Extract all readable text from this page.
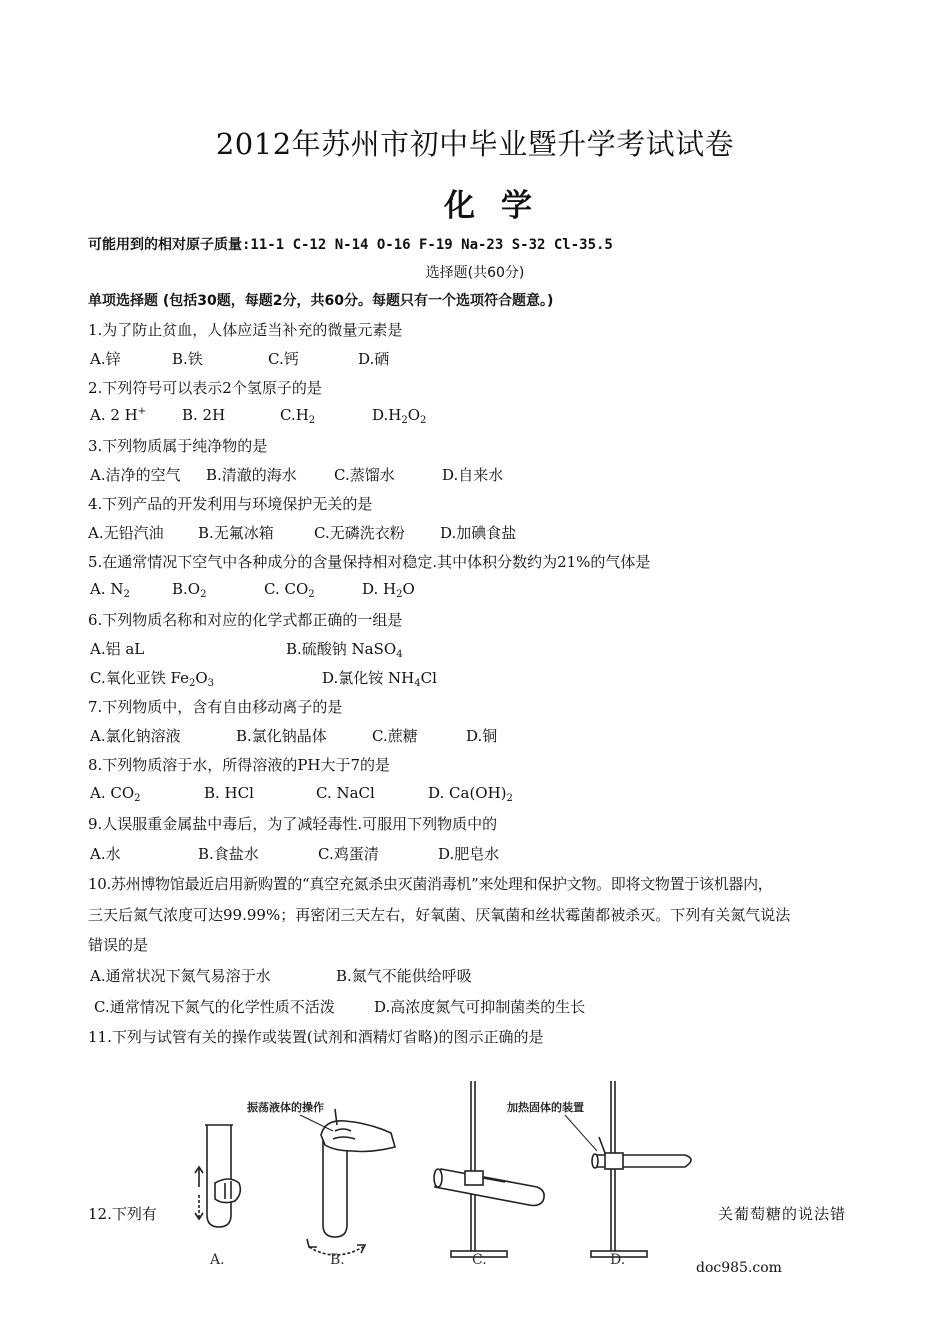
2012年苏州市初中毕业暨升学考试试卷
化学
可能用到的相对原子质量:11-1 C-12 N-14 O-16 F-19 Na-23 S-32 Cl-35.5
选择题(共60分)
单项选择题 (包括30题，每题2分，共60分。每题只有一个选项符合题意。)
1.为了防止贫血，人体应适当补充的微量元素是
A.锌	B.铁	C.钙	D.硒
2.下列符号可以表示2个氢原子的是
A. 2 H+ B. 2H	$C.H_2$	$D.H_2O_2$
3.下列物质属于纯净物的是
A.洁净的空气 B.清澈的海水 C.蒸馏水	D.自来水
4.下列产品的开发利用与环境保护无关的是
A.无铅汽油 B.无氟冰箱	C.无磷洗衣粉 D.加碘食盐
5.在通常情况下空气中各种成分的含量保持相对稳定.其中体积分数约为21%的气体是
A. $N_2$	$B.O_2$	C. $CO_2$	D. $H_2O$
6.下列物质名称和对应的化学式都正确的一组是
A.铝 aL	B.硫酸钠 NaSO$_4$
C.氧化亚铁 $Fe_2O_3$	D.氯化铵 $NH_4Cl$
7.下列物质中，含有自由移动离子的是
A.氯化钠溶液	B.氯化钠晶体	C.蔗糖	D.铜
8.下列物质溶于水，所得溶液的PH大于7的是
A. $CO_2$	B. HCl	C. NaCl	D. $Ca(OH)_2$
9.人误服重金属盐中毒后，为了减轻毒性.可服用下列物质中的
A.水	B.食盐水	C.鸡蛋清	D.肥皂水
10.苏州博物馆最近启用新购置的“真空充氮杀虫灭菌消毒机”来处理和保护文物。即将文物置于该机器内，
三天后氮气浓度可达99.99%；再密闭三天左右，好氧菌、厌氧菌和丝状霉菌都被杀灭。下列有关氮气说法
错误的是
A.通常状况下氮气易溶于水	B.氮气不能供给呼吸
C.通常情况下氮气的化学性质不活泼	D.高浓度氮气可抑制菌类的生长
11.下列与试管有关的操作或装置(试剂和酒精灯省略)的图示正确的是
12.下列有	关葡萄糖的说法错
振荡液体的操作	加热固体的装置
A.	B.	C.	D.	doc985.com
